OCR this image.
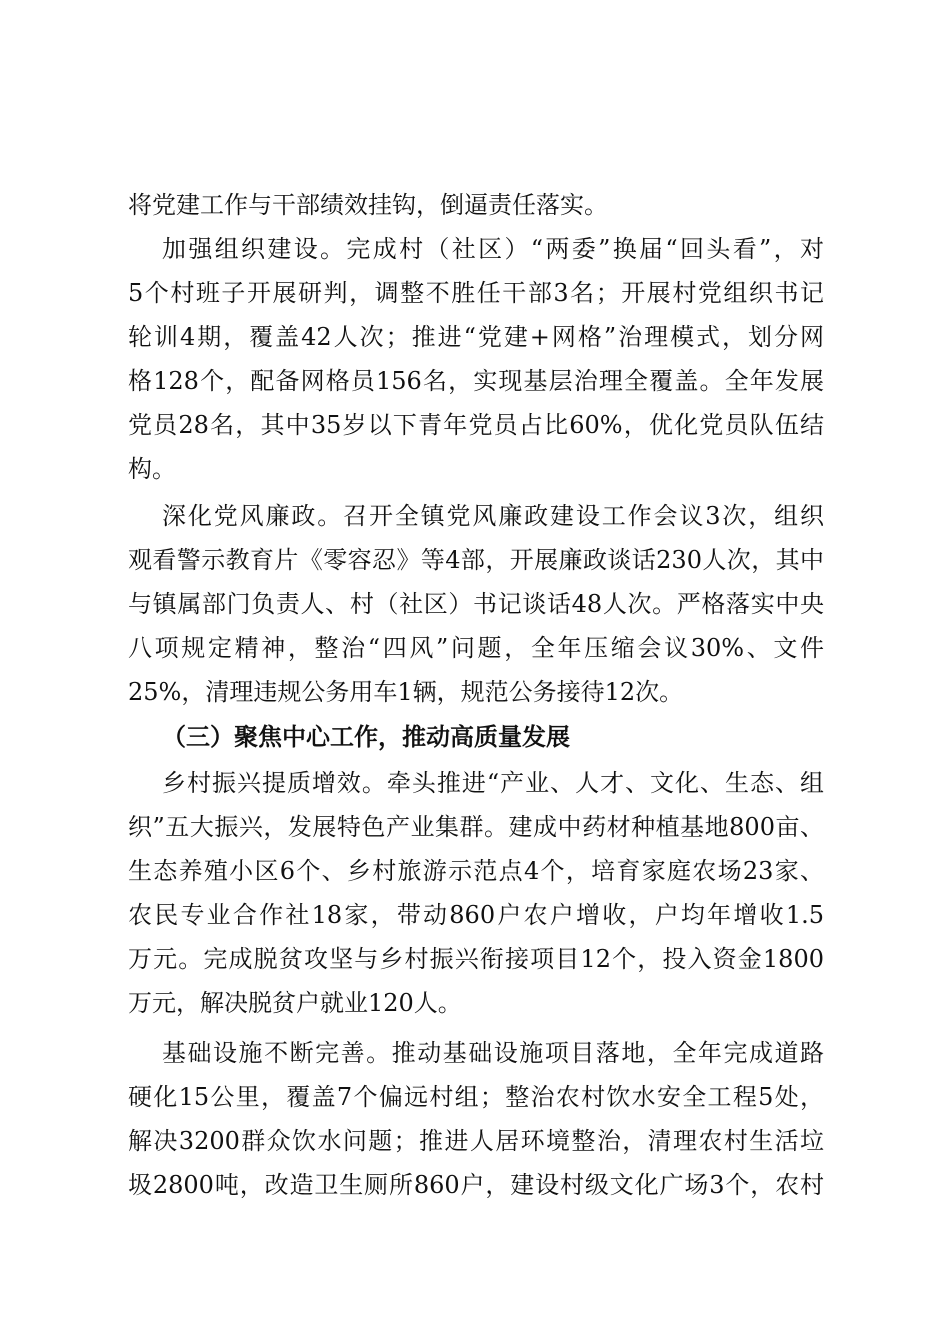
将党建工作与干部绩效挂钩，倒逼责任落实。
加强组织建设。完成村（社区）“两委”换届“回头看”，对
5个村班子开展研判，调整不胜任干部3名；开展村党组织书记
轮训4期，覆盖42人次；推进“党建+网格”治理模式，划分网
格128个，配备网格员156名，实现基层治理全覆盖。全年发展
党员28名，其中35岁以下青年党员占比60%，优化党员队伍结
构。
深化党风廉政。召开全镇党风廉政建设工作会议3次，组织
观看警示教育片《零容忍》等4部，开展廉政谈话230人次，其中
与镇属部门负责人、村（社区）书记谈话48人次。严格落实中央
八项规定精神，整治“四风”问题，全年压缩会议30%、文件
25%，清理违规公务用车1辆，规范公务接待12次。
（三）聚焦中心工作，推动高质量发展
乡村振兴提质增效。牵头推进“产业、人才、文化、生态、组
织”五大振兴，发展特色产业集群。建成中药材种植基地800亩、
生态养殖小区6个、乡村旅游示范点4个，培育家庭农场23家、
农民专业合作社18家，带动860户农户增收，户均年增收1.5
万元。完成脱贫攻坚与乡村振兴衔接项目12个，投入资金1800
万元，解决脱贫户就业120人。
基础设施不断完善。推动基础设施项目落地，全年完成道路
硬化15公里，覆盖7个偏远村组；整治农村饮水安全工程5处，
解决3200群众饮水问题；推进人居环境整治，清理农村生活垃
圾2800吨，改造卫生厕所860户，建设村级文化广场3个，农村
